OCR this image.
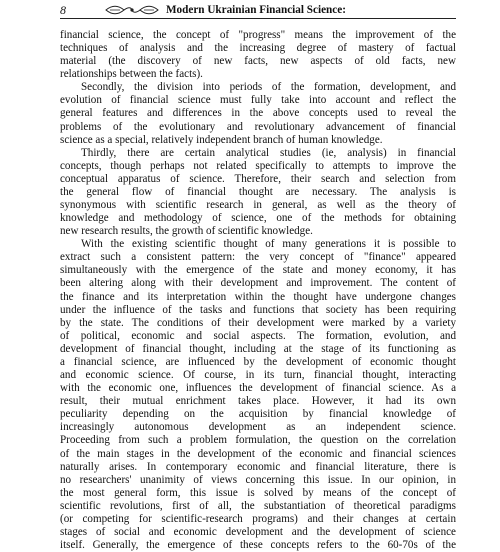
8	Modern Ukrainian Financial Science:
financial science, the concept of "progress" means the improvement of the
techniques of analysis and the increasing degree of mastery of factual
material (the discovery of new facts, new aspects of old facts, new
relationships between the facts).
Secondly, the division into periods of the formation, development, and
evolution of financial science must fully take into account and reflect the
general features and differences in the above concepts used to reveal the
problems of the evolutionary and revolutionary advancement of financial
science as a special, relatively independent branch of human knowledge.
Thirdly, there are certain analytical studies (ie, analysis) in financial
concepts, though perhaps not related specifically to attempts to improve the
conceptual apparatus of science. Therefore, their search and selection from
the general flow of financial thought are necessary. The analysis is
synonymous with scientific research in general, as well as the theory of
knowledge and methodology of science, one of the methods for obtaining
new research results, the growth of scientific knowledge.
With the existing scientific thought of many generations it is possible to
extract such a consistent pattern: the very concept of "finance" appeared
simultaneously with the emergence of the state and money economy, it has
been altering along with their development and improvement. The content of
the finance and its interpretation within the thought have undergone changes
under the influence of the tasks and functions that society has been requiring
by the state. The conditions of their development were marked by a variety
of political, economic and social aspects. The formation, evolution, and
development of financial thought, including at the stage of its functioning as
a financial science, are influenced by the development of economic thought
and economic science. Of course, in its turn, financial thought, interacting
with the economic one, influences the development of financial science. As a
result, their mutual enrichment takes place. However, it had its own
peculiarity depending on the acquisition by financial knowledge of
increasingly autonomous development as an independent science.
Proceeding from such a problem formulation, the question on the correlation
of the main stages in the development of the economic and financial sciences
naturally arises. In contemporary economic and financial literature, there is
no researchers' unanimity of views concerning this issue. In our opinion, in
the most general form, this issue is solved by means of the concept of
scientific revolutions, first of all, the substantiation of theoretical paradigms
(or competing for scientific-research programs) and their changes at certain
stages of social and economic development and the development of science
itself. Generally, the emergence of these concepts refers to the 60-70s of the
